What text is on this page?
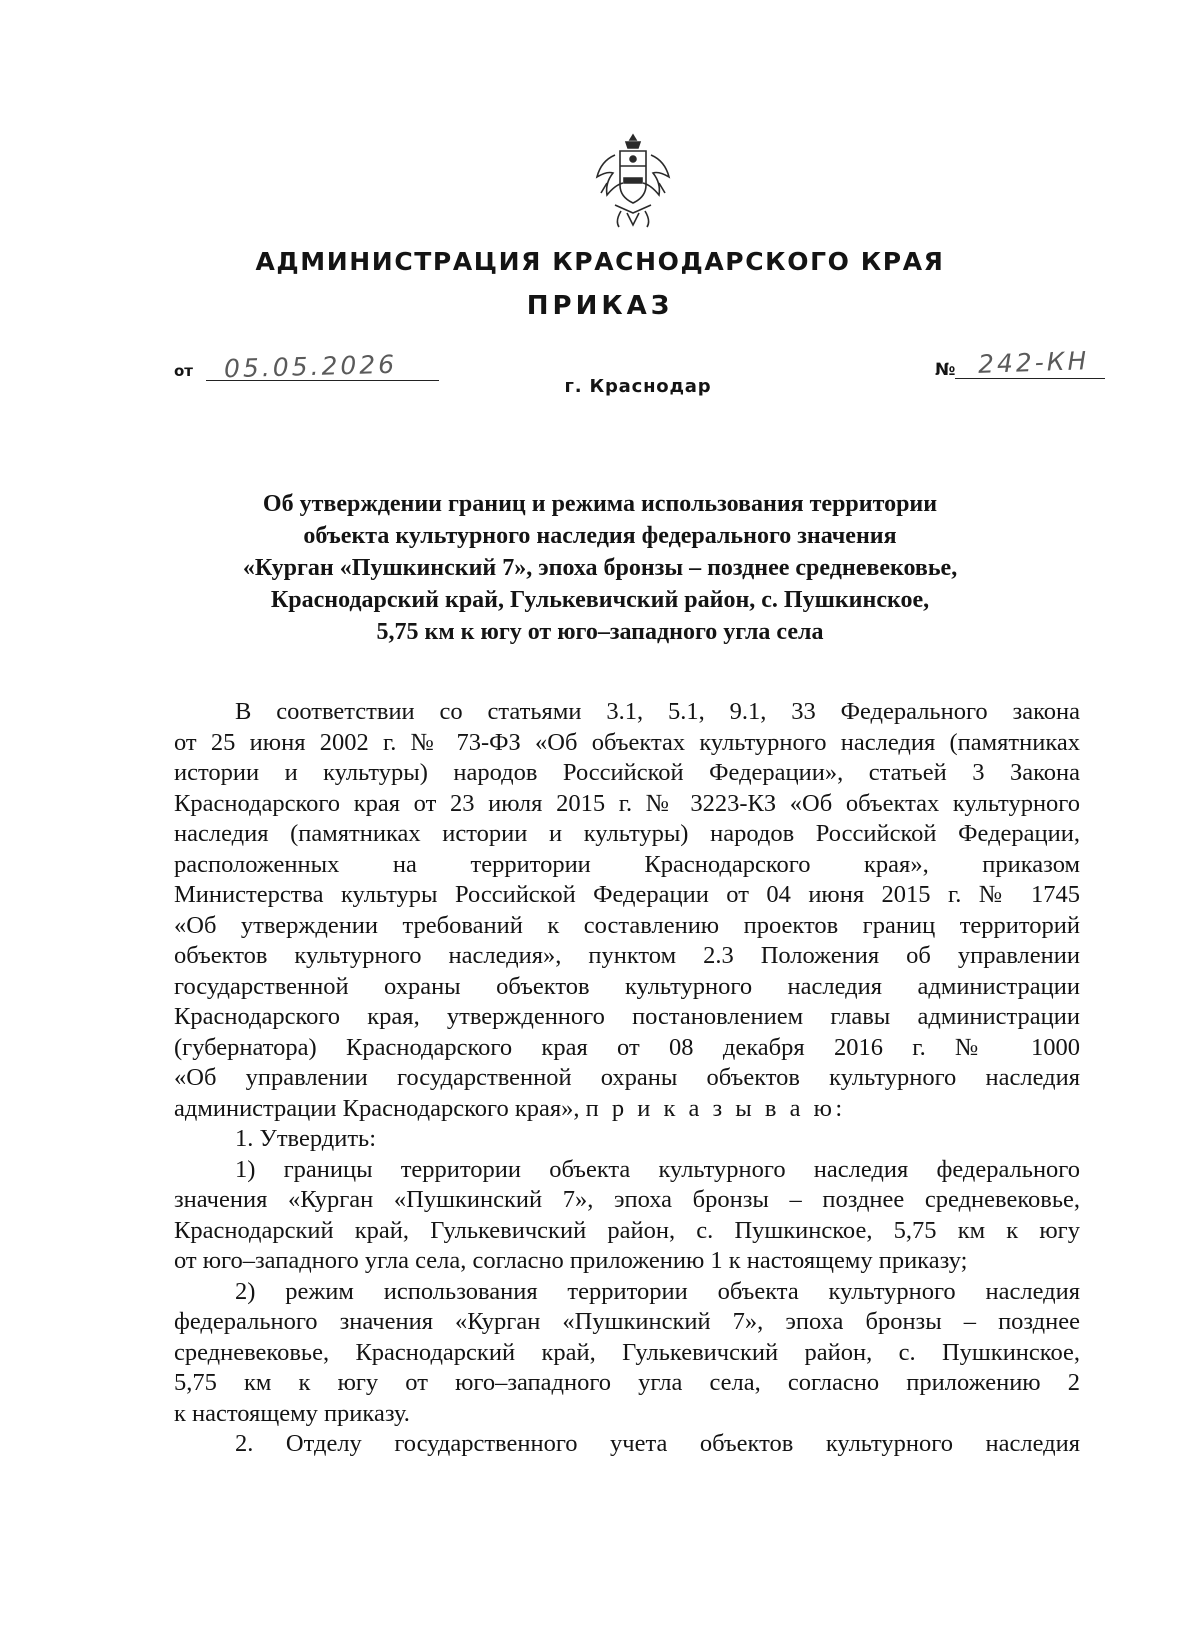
АДМИНИСТРАЦИЯ КРАСНОДАРСКОГО КРАЯ
ПРИКАЗ
от 05.05.2026	№ 242-КН
г. Краснодар
Об утверждении границ и режима использования территории
объекта культурного наследия федерального значения
«Курган «Пушкинский 7», эпоха бронзы – позднее средневековье,
Краснодарский край, Гулькевичский район, с. Пушкинское,
5,75 км к югу от юго–западного угла села
В соответствии со статьями 3.1, 5.1, 9.1, 33 Федерального закона
от 25 июня 2002 г. № 73-ФЗ «Об объектах культурного наследия (памятниках
истории и культуры) народов Российской Федерации», статьей 3 Закона
Краснодарского края от 23 июля 2015 г. № 3223-КЗ «Об объектах культурного
наследия (памятниках истории и культуры) народов Российской Федерации,
расположенных на территории Краснодарского края», приказом
Министерства культуры Российской Федерации от 04 июня 2015 г. № 1745
«Об утверждении требований к составлению проектов границ территорий
объектов культурного наследия», пунктом 2.3 Положения об управлении
государственной охраны объектов культурного наследия администрации
Краснодарского края, утвержденного постановлением главы администрации
(губернатора) Краснодарского края от 08 декабря 2016 г. № 1000
«Об управлении государственной охраны объектов культурного наследия
администрации Краснодарского края», п р и к а з ы в а ю:
1. Утвердить:
1) границы территории объекта культурного наследия федерального
значения «Курган «Пушкинский 7», эпоха бронзы – позднее средневековье,
Краснодарский край, Гулькевичский район, с. Пушкинское, 5,75 км к югу
от юго–западного угла села, согласно приложению 1 к настоящему приказу;
2) режим использования территории объекта культурного наследия
федерального значения «Курган «Пушкинский 7», эпоха бронзы – позднее
средневековье, Краснодарский край, Гулькевичский район, с. Пушкинское,
5,75 км к югу от юго–западного угла села, согласно приложению 2
к настоящему приказу.
2. Отделу государственного учета объектов культурного наследия
